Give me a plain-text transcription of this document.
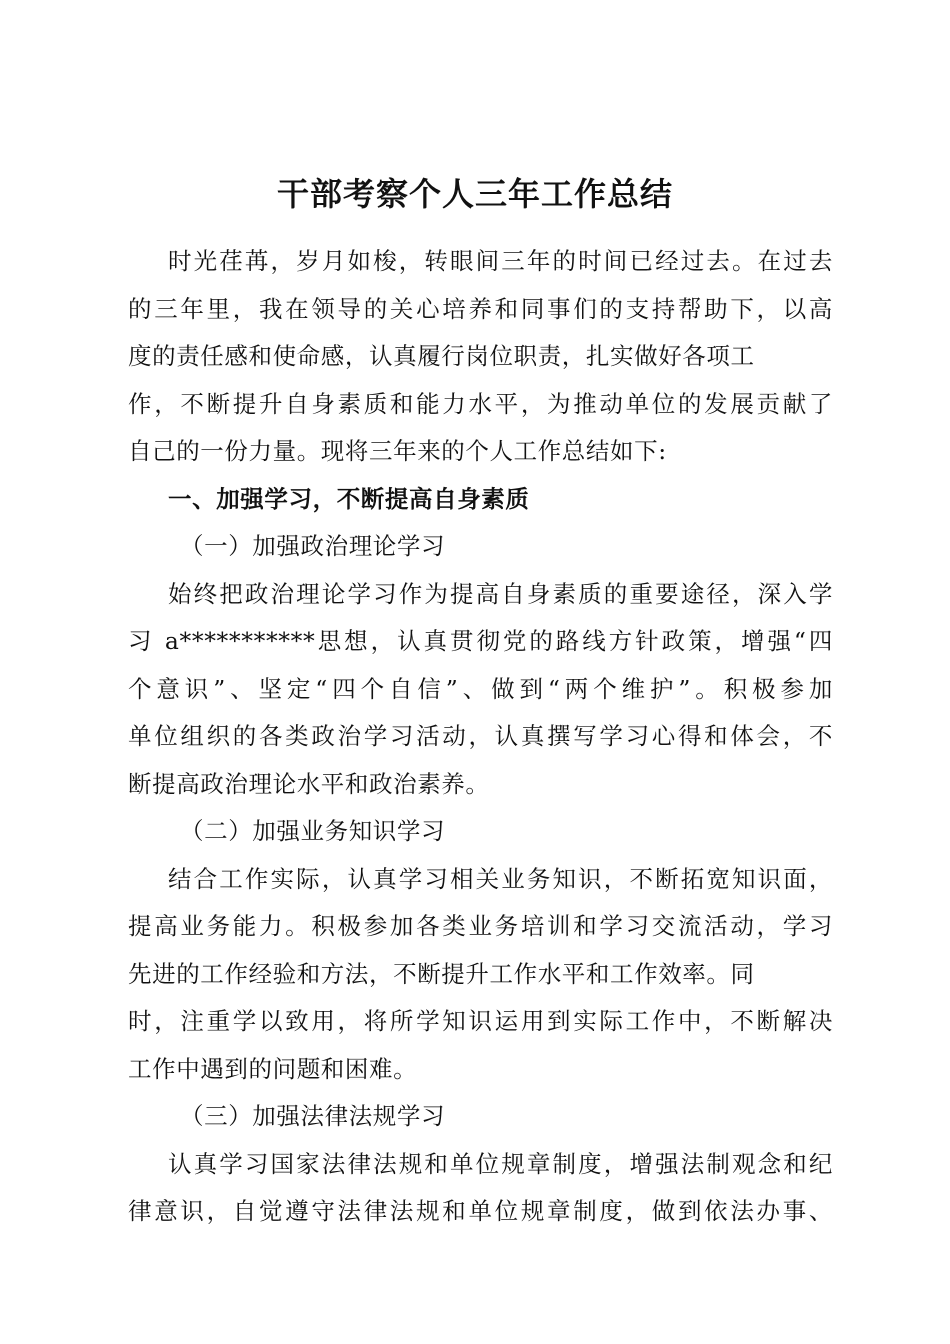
干部考察个人三年工作总结
时光荏苒，岁月如梭，转眼间三年的时间已经过去。在过去
的三年里，我在领导的关心培养和同事们的支持帮助下，以高
度的责任感和使命感，认真履行岗位职责，扎实做好各项工
作，不断提升自身素质和能力水平，为推动单位的发展贡献了
自己的一份力量。现将三年来的个人工作总结如下:
一、加强学习，不断提高自身素质
（一）加强政治理论学习
始终把政治理论学习作为提高自身素质的重要途径，深入学
习 a***********思想，认真贯彻党的路线方针政策，增强“四
个意识”、坚定“四个自信”、做到“两个维护”。积极参加
单位组织的各类政治学习活动，认真撰写学习心得和体会，不
断提高政治理论水平和政治素养。
（二）加强业务知识学习
结合工作实际，认真学习相关业务知识，不断拓宽知识面，
提高业务能力。积极参加各类业务培训和学习交流活动，学习
先进的工作经验和方法，不断提升工作水平和工作效率。同
时，注重学以致用，将所学知识运用到实际工作中，不断解决
工作中遇到的问题和困难。
（三）加强法律法规学习
认真学习国家法律法规和单位规章制度，增强法制观念和纪
律意识，自觉遵守法律法规和单位规章制度，做到依法办事、
